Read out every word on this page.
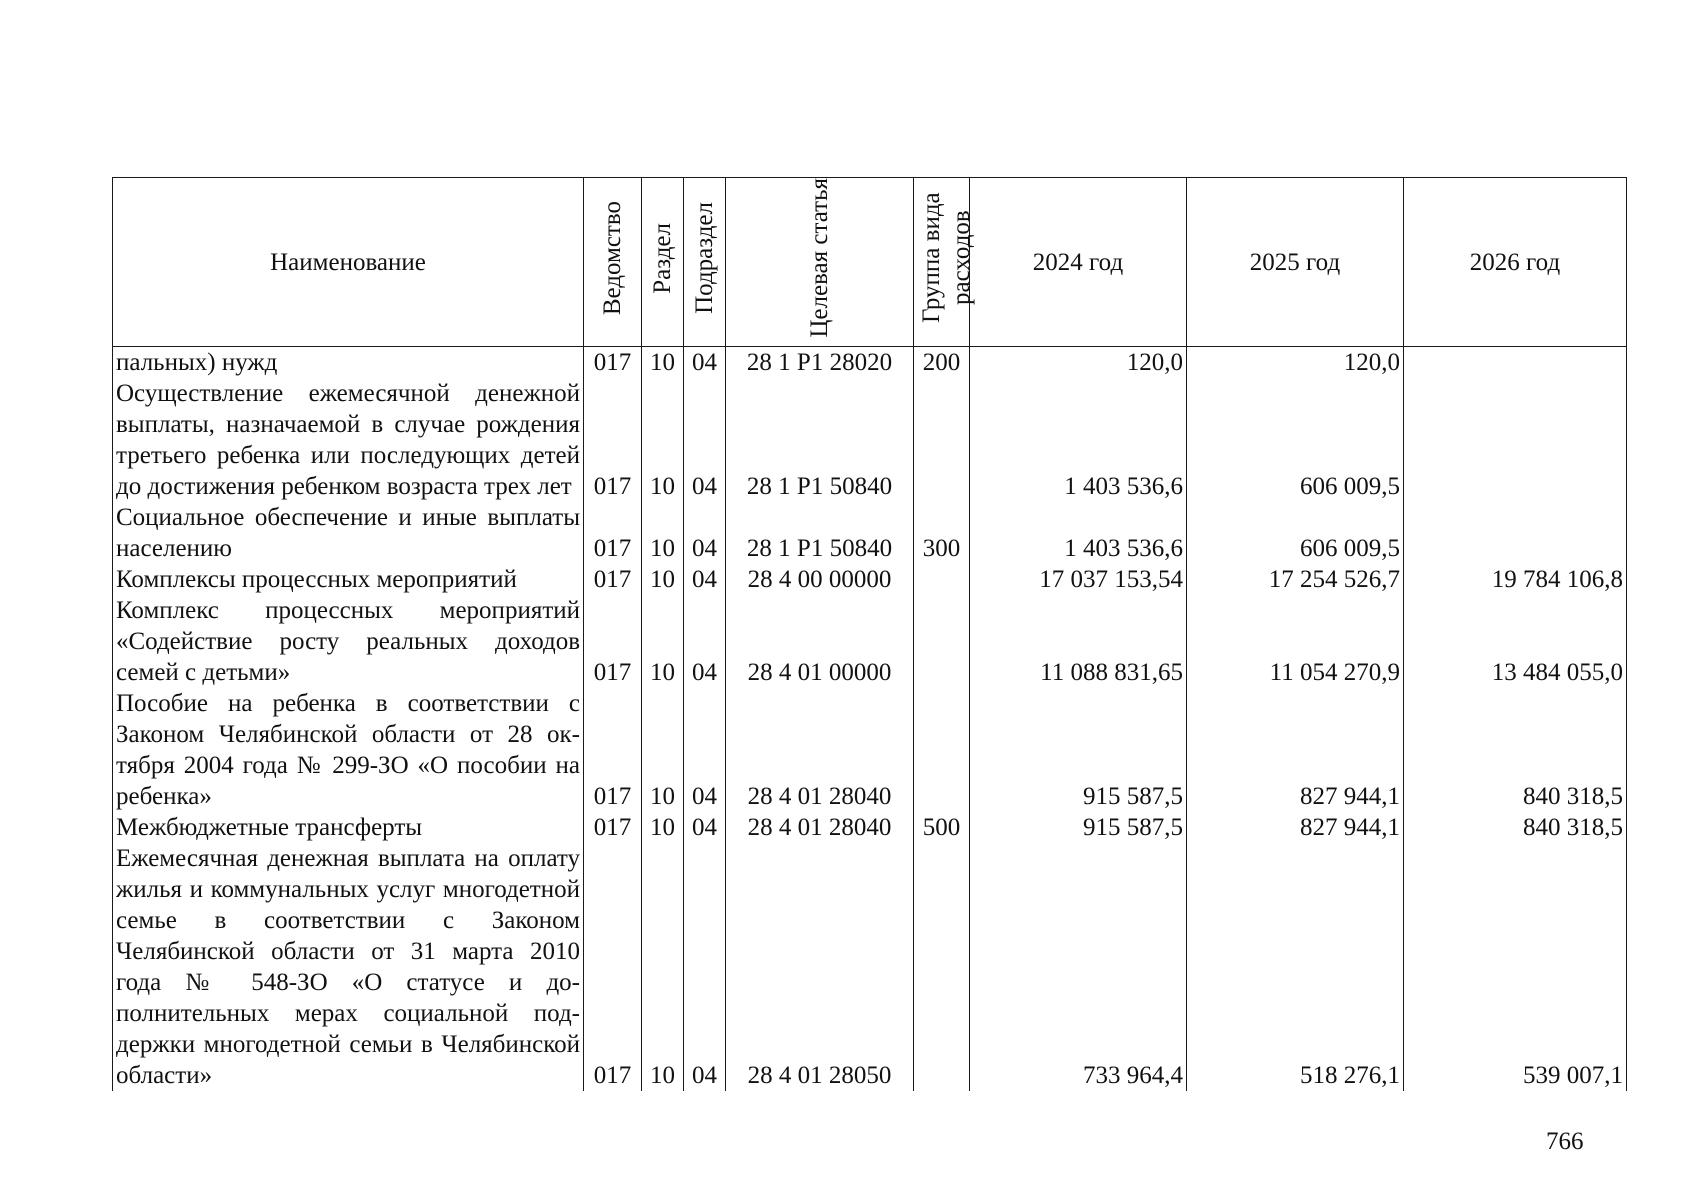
Наименование	Ведомство	Раздел	Подраздел	Целевая статья	Группа вида расходов	2024 год	2025 год	2026 год
пальных) нужд	017	10	04	28 1 Р1 28020	200	120,0	120,0	
Осуществление ежемесячной денежной выплаты, назначаемой в случае рождения третьего ребенка или последующих детей до достижения ребенком возраста трех лет	017	10	04	28 1 Р1 50840		1 403 536,6	606 009,5	
Социальное обеспечение и иные выплаты населению	017	10	04	28 1 Р1 50840	300	1 403 536,6	606 009,5	
Комплексы процессных мероприятий	017	10	04	28 4 00 00000		17 037 153,54	17 254 526,7	19 784 106,8
Комплекс процессных мероприятий «Содействие росту реальных доходов семей с детьми»	017	10	04	28 4 01 00000		11 088 831,65	11 054 270,9	13 484 055,0
Пособие на ребенка в соответствии с Законом Челябинской области от 28 октября 2004 года № 299-ЗО «О пособии на ребенка»	017	10	04	28 4 01 28040		915 587,5	827 944,1	840 318,5
Межбюджетные трансферты	017	10	04	28 4 01 28040	500	915 587,5	827 944,1	840 318,5
Ежемесячная денежная выплата на оплату жилья и коммунальных услуг многодетной семье в соответствии с Законом Челябинской области от 31 марта 2010 года № 548-ЗО «О статусе и дополнительных мерах социальной поддержки многодетной семьи в Челябинской области»	017	10	04	28 4 01 28050		733 964,4	518 276,1	539 007,1
766
